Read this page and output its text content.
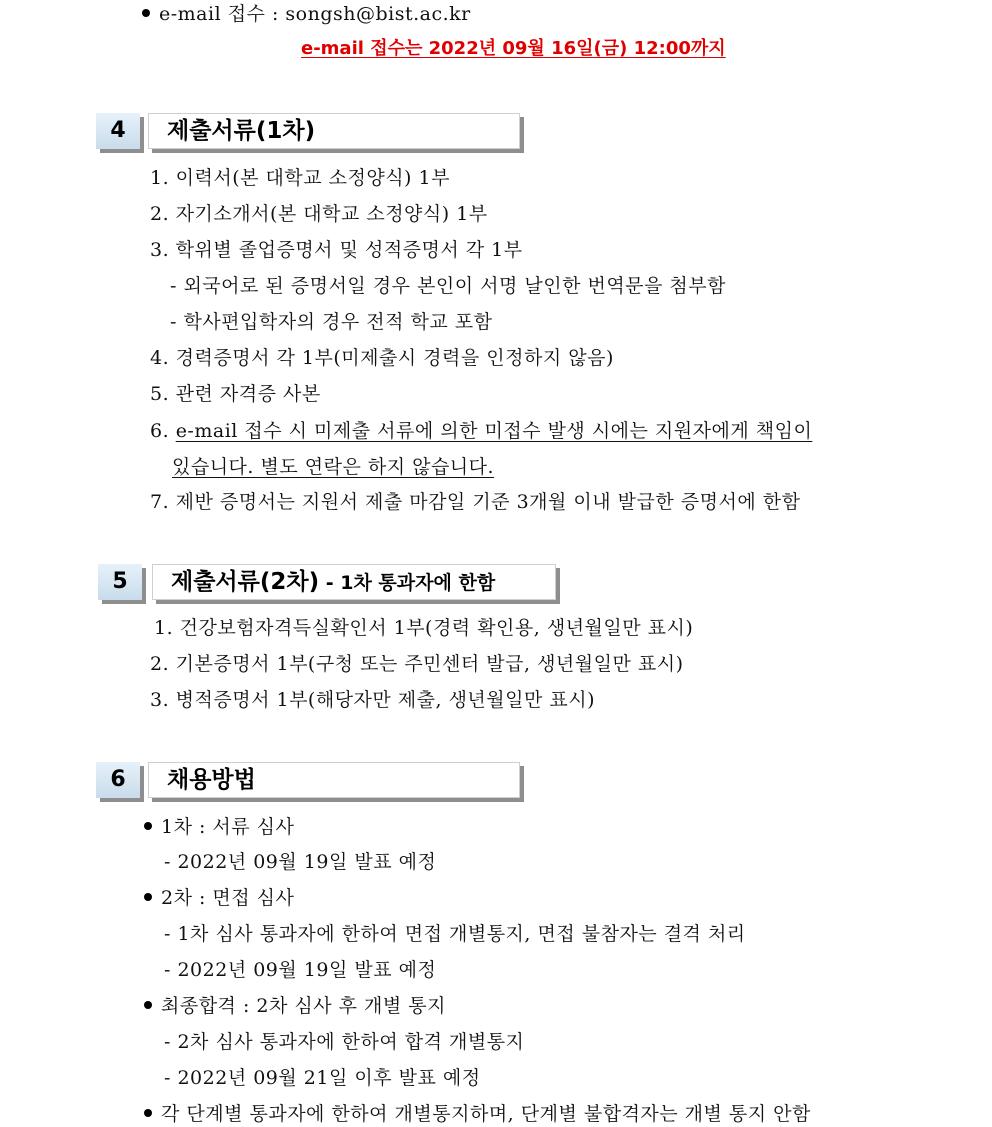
e-mail 접수 : songsh@bist.ac.kr
e-mail 접수는 2022년 09월 16일(금) 12:00까지
4	제출서류(1차)
1. 이력서(본 대학교 소정양식) 1부
2. 자기소개서(본 대학교 소정양식) 1부
3. 학위별 졸업증명서 및 성적증명서 각 1부
- 외국어로 된 증명서일 경우 본인이 서명 날인한 번역문을 첨부함
- 학사편입학자의 경우 전적 학교 포함
4. 경력증명서 각 1부(미제출시 경력을 인정하지 않음)
5. 관련 자격증 사본
6. e-mail 접수 시 미제출 서류에 의한 미접수 발생 시에는 지원자에게 책임이
있습니다. 별도 연락은 하지 않습니다.
7. 제반 증명서는 지원서 제출 마감일 기준 3개월 이내 발급한 증명서에 한함
5	제출서류(2차) - 1차 통과자에 한함
1. 건강보험자격득실확인서 1부(경력 확인용, 생년월일만 표시)
2. 기본증명서 1부(구청 또는 주민센터 발급, 생년월일만 표시)
3. 병적증명서 1부(해당자만 제출, 생년월일만 표시)
6	채용방법
1차 : 서류 심사
- 2022년 09월 19일 발표 예정
2차 : 면접 심사
- 1차 심사 통과자에 한하여 면접 개별통지, 면접 불참자는 결격 처리
- 2022년 09월 19일 발표 예정
최종합격 : 2차 심사 후 개별 통지
- 2차 심사 통과자에 한하여 합격 개별통지
- 2022년 09월 21일 이후 발표 예정
각 단계별 통과자에 한하여 개별통지하며, 단계별 불합격자는 개별 통지 안함
